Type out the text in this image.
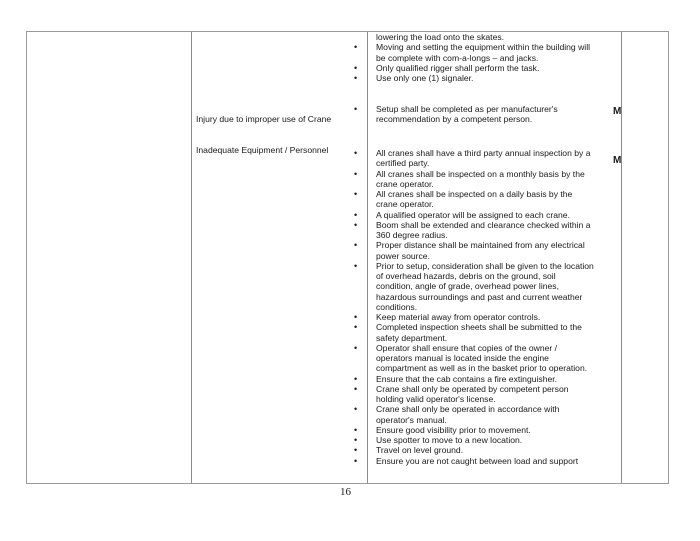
lowering the load onto the skates.
• Moving and setting the equipment within the building will be complete with com-a-longs – and jacks.
• Only qualified rigger shall perform the task.
• Use only one (1) signaler.
Injury due to improper use of Crane
• Setup shall be completed as per manufacturer's recommendation by a competent person.
M
Inadequate Equipment / Personnel	• All cranes shall have a third party annual inspection by a certified party.
• All cranes shall be inspected on a monthly basis by the crane operator.
• All cranes shall be inspected on a daily basis by the crane operator.
• A qualified operator will be assigned to each crane.
• Boom shall be extended and clearance checked within a 360 degree radius.
• Proper distance shall be maintained from any electrical power source.
• Prior to setup, consideration shall be given to the location of overhead hazards, debris on the ground, soil condition, angle of grade, overhead power lines, hazardous surroundings and past and current weather conditions.
• Keep material away from operator controls.
• Completed inspection sheets shall be submitted to the safety department.
• Operator shall ensure that copies of the owner / operators manual is located inside the engine compartment as well as in the basket prior to operation.
• Ensure that the cab contains a fire extinguisher.
• Crane shall only be operated by competent person holding valid operator's license.
• Crane shall only be operated in accordance with operator's manual.
• Ensure good visibility prior to movement.
• Use spotter to move to a new location.
• Travel on level ground.
• Ensure you are not caught between load and support
M
16
